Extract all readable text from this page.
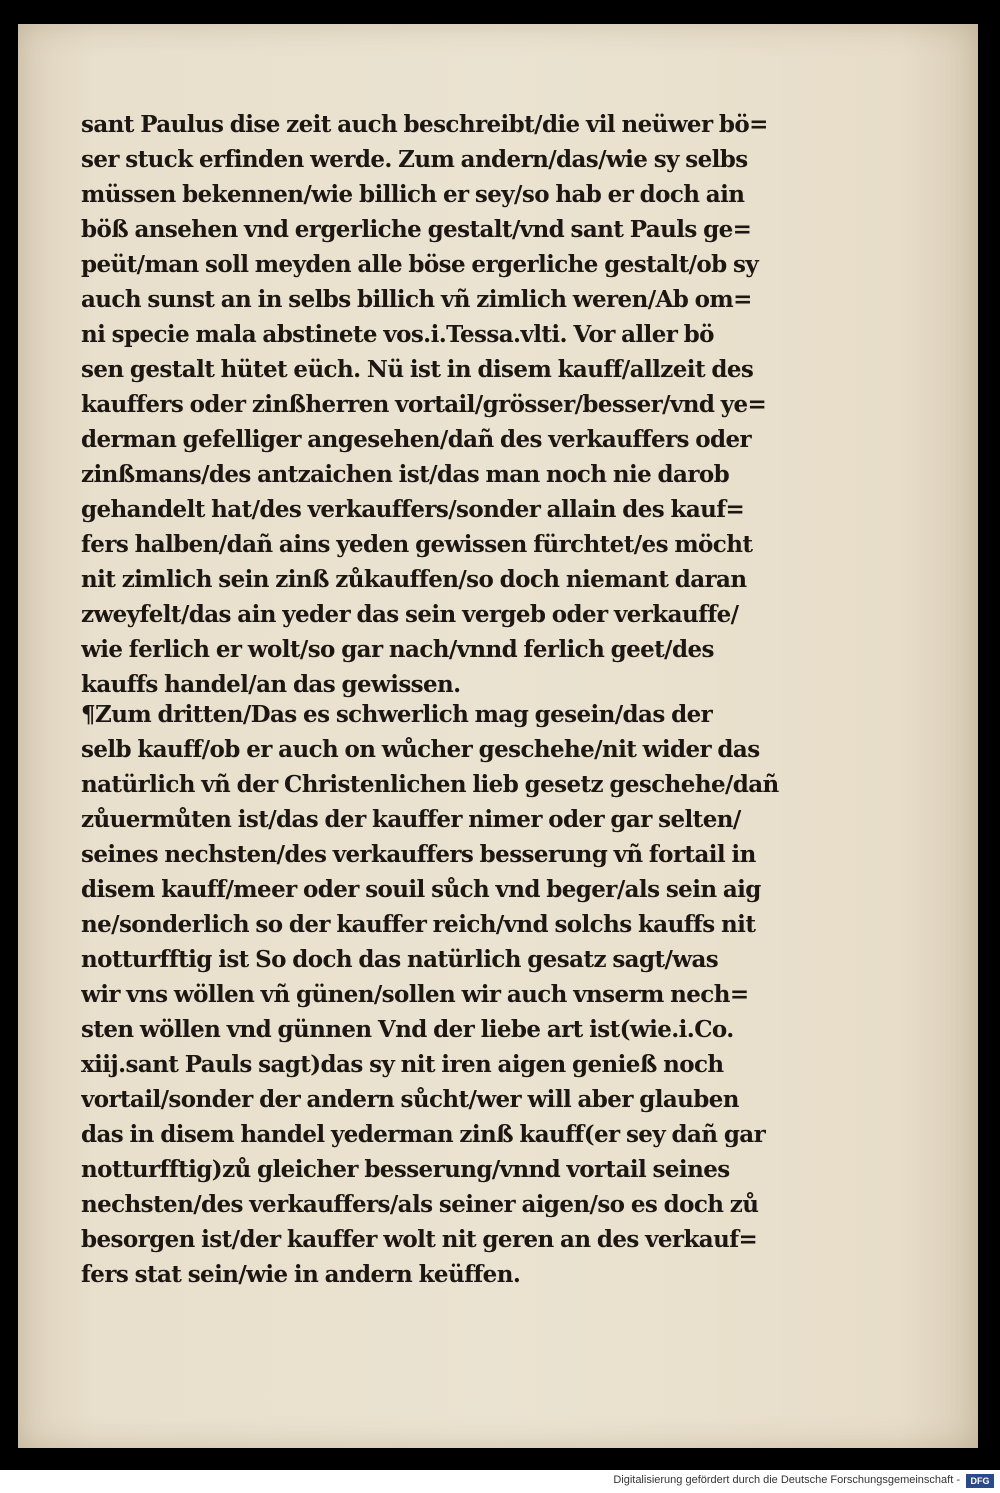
sant Paulus dise zeit auch beschreibt/die vil neüwer bö=
ser stuck erfinden werde. Zum andern/das/wie sy selbs
müssen bekennen/wie billich er sey/so hab er doch ain
böß ansehen vnd ergerliche gestalt/vnd sant Pauls ge=
peüt/man soll meyden alle böse ergerliche gestalt/ob sy
auch sunst an in selbs billich vñ zimlich weren/Ab om=
ni specie mala abstinete vos.i.Tessa.vlti. Vor aller bö
sen gestalt hütet eüch. Nü ist in disem kauff/allzeit des
kauffers oder zinßherren vortail/grösser/besser/vnd ye=
derman gefelliger angesehen/dañ des verkauffers oder
zinßmans/des antzaichen ist/das man noch nie darob
gehandelt hat/des verkauffers/sonder allain des kauf=
fers halben/dañ ains yeden gewissen fürchtet/es möcht
nit zimlich sein zinß zůkauffen/so doch niemant daran
zweyfelt/das ain yeder das sein vergeb oder verkauffe/
wie ferlich er wolt/so gar nach/vnnd ferlich geet/des
kauffs handel/an das gewissen.
¶Zum dritten/Das es schwerlich mag gesein/das der
selb kauff/ob er auch on wůcher geschehe/nit wider das
natürlich vñ der Christenlichen lieb gesetz geschehe/dañ
zůuermůten ist/das der kauffer nimer oder gar selten/
seines nechsten/des verkauffers besserung vñ fortail in
disem kauff/meer oder souil sůch vnd beger/als sein aig
ne/sonderlich so der kauffer reich/vnd solchs kauffs nit
notturfftig ist So doch das natürlich gesatz sagt/was
wir vns wöllen vñ günen/sollen wir auch vnserm nech=
sten wöllen vnd günnen Vnd der liebe art ist(wie.i.Co.
xiij.sant Pauls sagt)das sy nit iren aigen genieß noch
vortail/sonder der andern sůcht/wer will aber glauben
das in disem handel yederman zinß kauff(er sey dañ gar
notturfftig)zů gleicher besserung/vnnd vortail seines
nechsten/des verkauffers/als seiner aigen/so es doch zů
besorgen ist/der kauffer wolt nit geren an des verkauf=
fers stat sein/wie in andern keüffen.
Digitalisierung gefördert durch die Deutsche Forschungsgemeinschaft -	DFG
